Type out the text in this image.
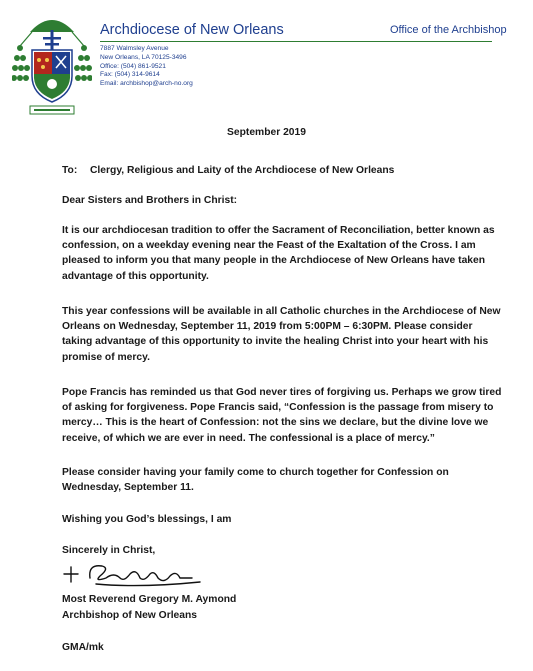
Archdiocese of New Orleans	Office of the Archbishop
7887 Walmsley Avenue
New Orleans, LA 70125-3496
Office: (504) 861-9521
Fax: (504) 314-9614
Email: archbishop@arch-no.org
September 2019
To: Clergy, Religious and Laity of the Archdiocese of New Orleans
Dear Sisters and Brothers in Christ:
It is our archdiocesan tradition to offer the Sacrament of Reconciliation, better known as confession, on a weekday evening near the Feast of the Exaltation of the Cross. I am pleased to inform you that many people in the Archdiocese of New Orleans have taken advantage of this opportunity.
This year confessions will be available in all Catholic churches in the Archdiocese of New Orleans on Wednesday, September 11, 2019 from 5:00PM – 6:30PM. Please consider taking advantage of this opportunity to invite the healing Christ into your heart with his promise of mercy.
Pope Francis has reminded us that God never tires of forgiving us. Perhaps we grow tired of asking for forgiveness. Pope Francis said, “Confession is the passage from misery to mercy… This is the heart of Confession: not the sins we declare, but the divine love we receive, of which we are ever in need. The confessional is a place of mercy.”
Please consider having your family come to church together for Confession on Wednesday, September 11.
Wishing you God’s blessings, I am
Sincerely in Christ,
Most Reverend Gregory M. Aymond
Archbishop of New Orleans
GMA/mk
